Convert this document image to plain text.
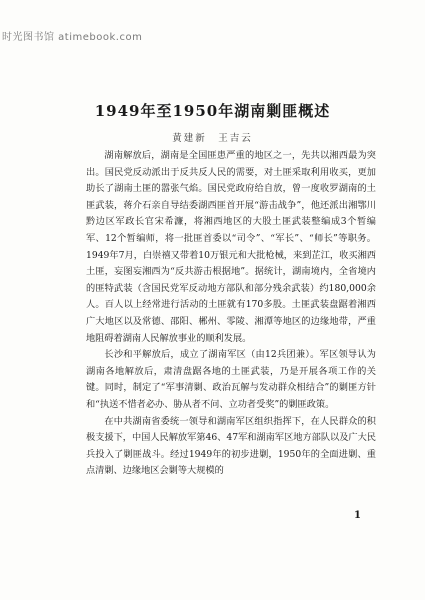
时光图书馆 atimebook.com
1949年至1950年湖南剿匪概述
黄建新　王吉云

湖南解放后，湖南是全国匪患严重的地区之一，先共以湘西最为突出。国民党反动派出于反共反人民的需要，对土匪采取利用收买，更加助长了湖南土匪的嚣张气焰。国民党政府给自放，曾一度收罗湖南的土匪武装，蒋介石亲自导结委湖西匪首开展“游击战争”，他还派出湘鄂川黔边区军政长官宋希濂，将湘西地区的大股土匪武装整编成3个暂编军、12个暂编师，将一批匪首委以“司令”、“军长”、“师长”等职务。1949年7月，白崇禧又带着10万银元和大批枪械，来到芷江，收买湘西土匪，妄图妄湘西为“反共游击根据地”。据统计，湖南境内，全省境内的匪特武装（含国民党军反动地方部队和部分残余武装）约180,000余人。百人以上经常进行活动的土匪就有170多股。土匪武装盘踞着湘西广大地区以及常德、邵阳、郴州、零陵、湘潭等地区的边缘地带，严重地阻碍着湖南人民解放事业的顺利发展。

长沙和平解放后，成立了湖南军区（由12兵团兼）。军区领导认为湖南各地解放后，肃清盘踞各地的土匪武装，乃是开展各项工作的关键。同时，制定了“军事清剿、政治瓦解与发动群众相结合”的剿匪方针和“执送不惜者必办、胁从者不问、立功者受奖”的剿匪政策。

在中共湖南省委统一领导和湖南军区组织指挥下，在人民群众的积极支援下，中国人民解放军第46、47军和湖南军区地方部队以及广大民兵投入了剿匪战斗。经过1949年的初步进剿，1950年的全面进剿、重点清剿、边缘地区会剿等大规模的

1
